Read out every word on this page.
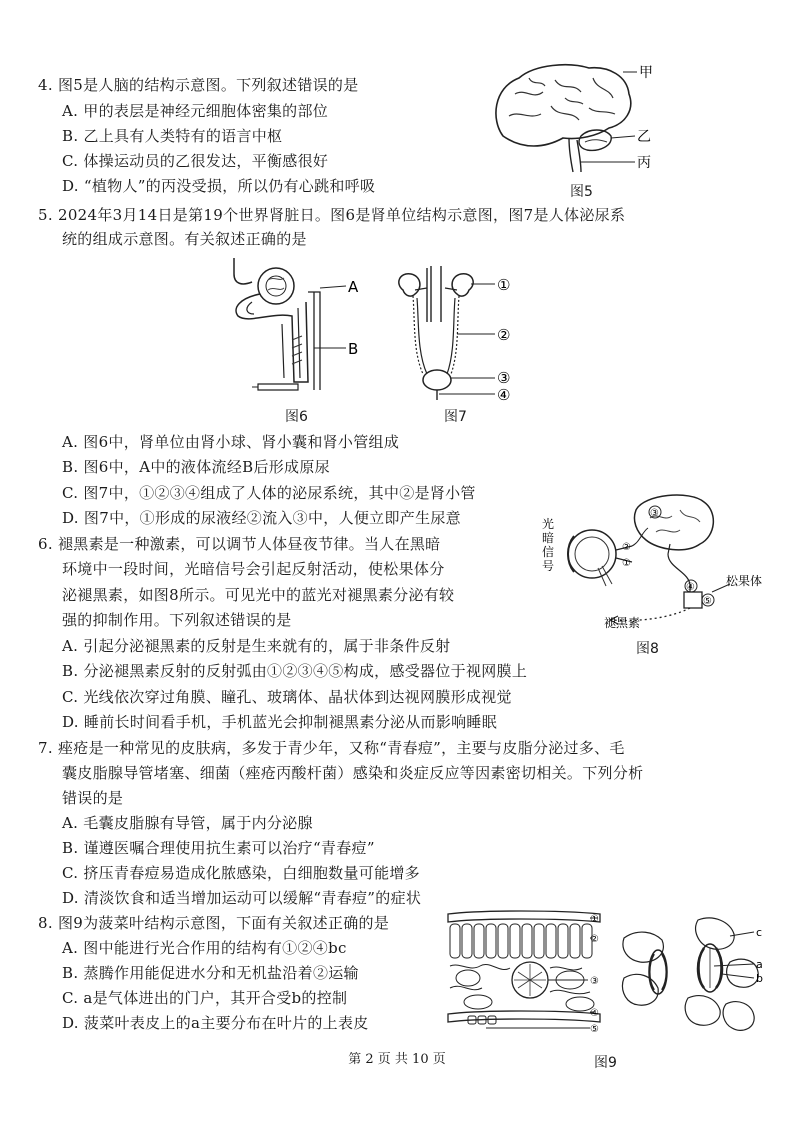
4. 图5是人脑的结构示意图。下列叙述错误的是
A. 甲的表层是神经元细胞体密集的部位
B. 乙上具有人类特有的语言中枢
C. 体操运动员的乙很发达，平衡感很好
D. “植物人”的丙没受损，所以仍有心跳和呼吸
甲
乙
丙
图5
5. 2024年3月14日是第19个世界肾脏日。图6是肾单位结构示意图，图7是人体泌尿系
统的组成示意图。有关叙述正确的是
A
B
图6
①
②
③
④
图7
A. 图6中，肾单位由肾小球、肾小囊和肾小管组成
B. 图6中，A中的液体流经B后形成原尿
C. 图7中，①②③④组成了人体的泌尿系统，其中②是肾小管
D. 图7中，①形成的尿液经②流入③中，人便立即产生尿意
6. 褪黑素是一种激素，可以调节人体昼夜节律。当人在黑暗
环境中一段时间，光暗信号会引起反射活动，使松果体分
泌褪黑素，如图8所示。可见光中的蓝光对褪黑素分泌有较
强的抑制作用。下列叙述错误的是
光
暗
信
号
③
④
⑤
松果体
褪黑素
②
①
图8
A. 引起分泌褪黑素的反射是生来就有的，属于非条件反射
B. 分泌褪黑素反射的反射弧由①②③④⑤构成，感受器位于视网膜上
C. 光线依次穿过角膜、瞳孔、玻璃体、晶状体到达视网膜形成视觉
D. 睡前长时间看手机，手机蓝光会抑制褪黑素分泌从而影响睡眠
7. 痤疮是一种常见的皮肤病，多发于青少年，又称“青春痘”，主要与皮脂分泌过多、毛
囊皮脂腺导管堵塞、细菌（痤疮丙酸杆菌）感染和炎症反应等因素密切相关。下列分析
错误的是
A. 毛囊皮脂腺有导管，属于内分泌腺
B. 谨遵医嘱合理使用抗生素可以治疗“青春痘”
C. 挤压青春痘易造成化脓感染，白细胞数量可能增多
D. 清淡饮食和适当增加运动可以缓解“青春痘”的症状
8. 图9为菠菜叶结构示意图，下面有关叙述正确的是
A. 图中能进行光合作用的结构有①②④bc
B. 蒸腾作用能促进水分和无机盐沿着②运输
C. a是气体进出的门户，其开合受b的控制
D. 菠菜叶表皮上的a主要分布在叶片的上表皮
①
②
③
④
⑤
c
a
b
图9
第 2 页 共 10 页
